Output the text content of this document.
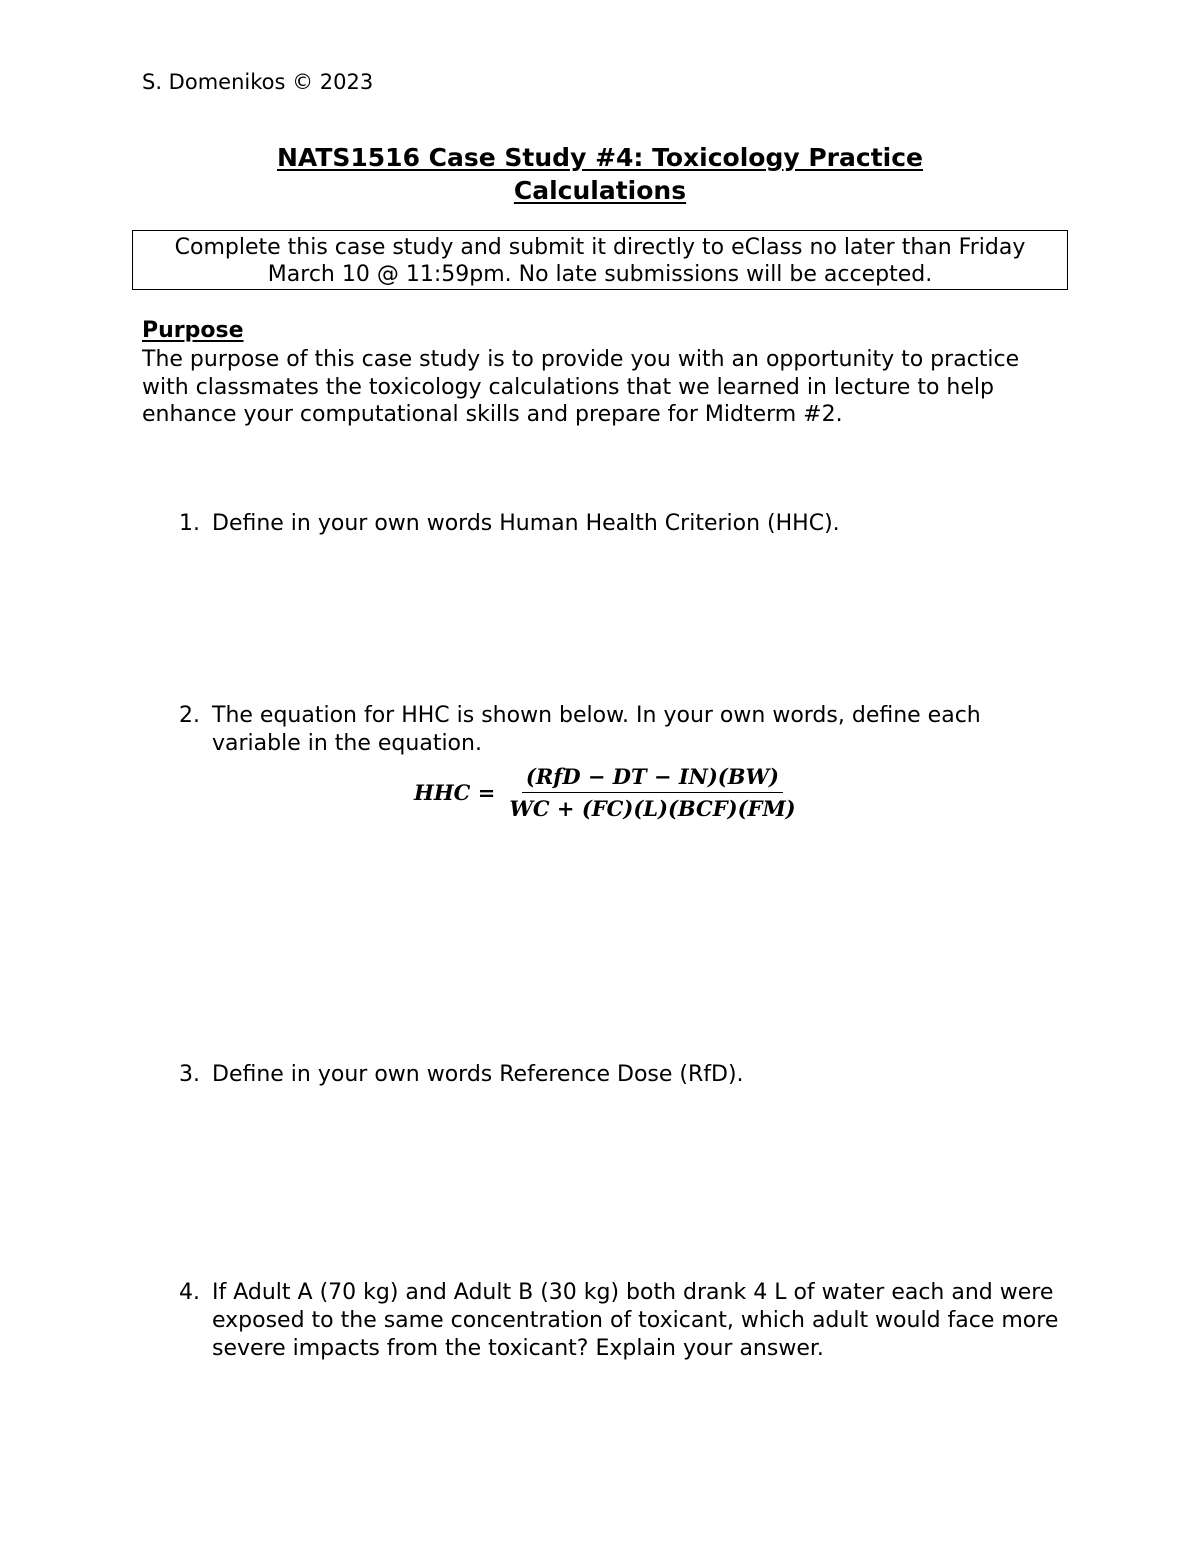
S. Domenikos © 2023
NATS1516 Case Study #4: Toxicology Practice
Calculations
Complete this case study and submit it directly to eClass no later than Friday
March 10 @ 11:59pm. No late submissions will be accepted.
Purpose
The purpose of this case study is to provide you with an opportunity to practice with classmates the toxicology calculations that we learned in lecture to help enhance your computational skills and prepare for Midterm #2.
1. Define in your own words Human Health Criterion (HHC).
2. The equation for HHC is shown below. In your own words, define each variable in the equation.
HHC = $\frac{\text{(RfD − DT − IN)(BW)}}{\text{WC + (FC)(L)(BCF)(FM)}}$
3. Define in your own words Reference Dose (RfD).
4. If Adult A (70 kg) and Adult B (30 kg) both drank 4 L of water each and were exposed to the same concentration of toxicant, which adult would face more severe impacts from the toxicant? Explain your answer.
